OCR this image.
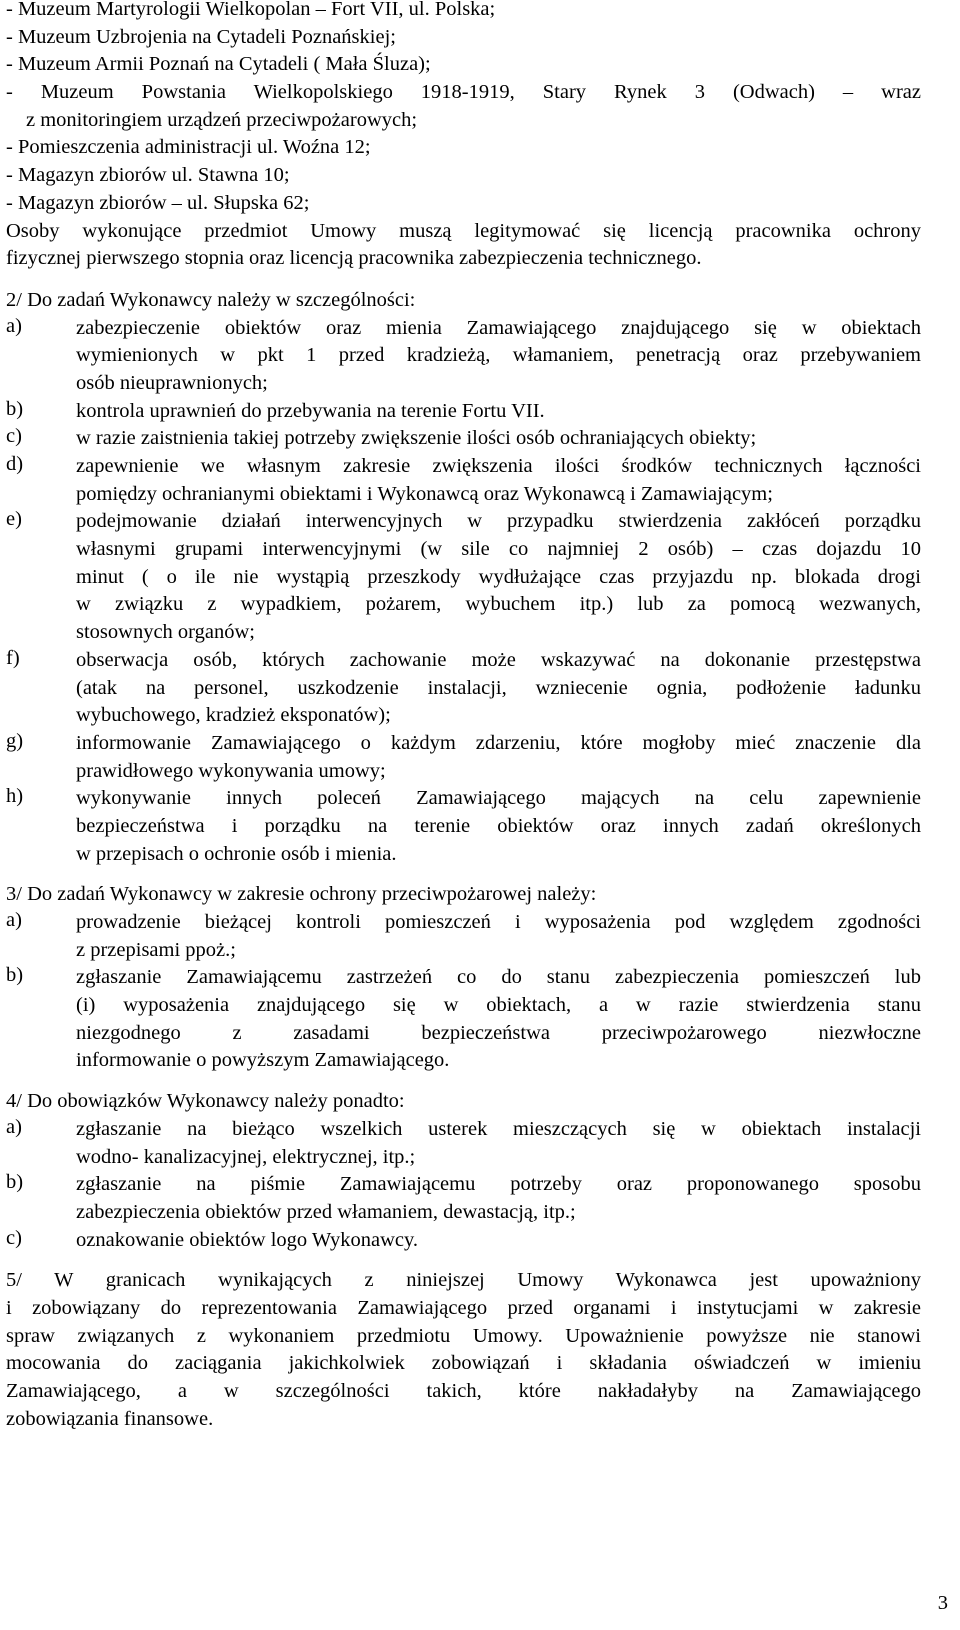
- Muzeum Martyrologii Wielkopolan – Fort VII, ul. Polska;
- Muzeum Uzbrojenia na Cytadeli Poznańskiej;
- Muzeum Armii Poznań na Cytadeli ( Mała Śluza);
- Muzeum Powstania Wielkopolskiego 1918-1919, Stary Rynek 3 (Odwach) – wraz
z monitoringiem urządzeń przeciwpożarowych;
- Pomieszczenia administracji ul. Woźna 12;
- Magazyn zbiorów ul. Stawna 10;
- Magazyn zbiorów – ul. Słupska 62;
Osoby wykonujące przedmiot Umowy muszą legitymować się licencją pracownika ochrony
fizycznej pierwszego stopnia oraz licencją pracownika zabezpieczenia technicznego.
2/ Do zadań Wykonawcy należy w szczególności:
a)	zabezpieczenie obiektów oraz mienia Zamawiającego znajdującego się w obiektach
wymienionych w pkt 1 przed kradzieżą, włamaniem, penetracją oraz przebywaniem
osób nieuprawnionych;
b)	kontrola uprawnień do przebywania na terenie Fortu VII.
c)	w razie zaistnienia takiej potrzeby zwiększenie ilości osób ochraniających obiekty;
d)	zapewnienie we własnym zakresie zwiększenia ilości środków technicznych łączności
pomiędzy ochranianymi obiektami i Wykonawcą oraz Wykonawcą i Zamawiającym;
e)	podejmowanie działań interwencyjnych w przypadku stwierdzenia zakłóceń porządku
własnymi grupami interwencyjnymi (w sile co najmniej 2 osób) – czas dojazdu 10
minut ( o ile nie wystąpią przeszkody wydłużające czas przyjazdu np. blokada drogi
w związku z wypadkiem, pożarem, wybuchem itp.) lub za pomocą wezwanych,
stosownych organów;
f)	obserwacja osób, których zachowanie może wskazywać na dokonanie przestępstwa
(atak na personel, uszkodzenie instalacji, wzniecenie ognia, podłożenie ładunku
wybuchowego, kradzież eksponatów);
g)	informowanie Zamawiającego o każdym zdarzeniu, które mogłoby mieć znaczenie dla
prawidłowego wykonywania umowy;
h)	wykonywanie innych poleceń Zamawiającego mających na celu zapewnienie
bezpieczeństwa i porządku na terenie obiektów oraz innych zadań określonych
w przepisach o ochronie osób i mienia.
3/ Do zadań Wykonawcy w zakresie ochrony przeciwpożarowej należy:
a)	prowadzenie bieżącej kontroli pomieszczeń i wyposażenia pod względem zgodności
z przepisami ppoż.;
b)	zgłaszanie Zamawiającemu zastrzeżeń co do stanu zabezpieczenia pomieszczeń lub
(i) wyposażenia znajdującego się w obiektach, a w razie stwierdzenia stanu
niezgodnego z zasadami bezpieczeństwa przeciwpożarowego niezwłoczne
informowanie o powyższym Zamawiającego.
4/ Do obowiązków Wykonawcy należy ponadto:
a)	zgłaszanie na bieżąco wszelkich usterek mieszczących się w obiektach instalacji
wodno- kanalizacyjnej, elektrycznej, itp.;
b)	zgłaszanie na piśmie Zamawiającemu potrzeby oraz proponowanego sposobu
zabezpieczenia obiektów przed włamaniem, dewastacją, itp.;
c)	oznakowanie obiektów logo Wykonawcy.
5/ W granicach wynikających z niniejszej Umowy Wykonawca jest upoważniony
i zobowiązany do reprezentowania Zamawiającego przed organami i instytucjami w zakresie
spraw związanych z wykonaniem przedmiotu Umowy. Upoważnienie powyższe nie stanowi
mocowania do zaciągania jakichkolwiek zobowiązań i składania oświadczeń w imieniu
Zamawiającego, a w szczególności takich, które nakładałyby na Zamawiającego
zobowiązania finansowe.
3
